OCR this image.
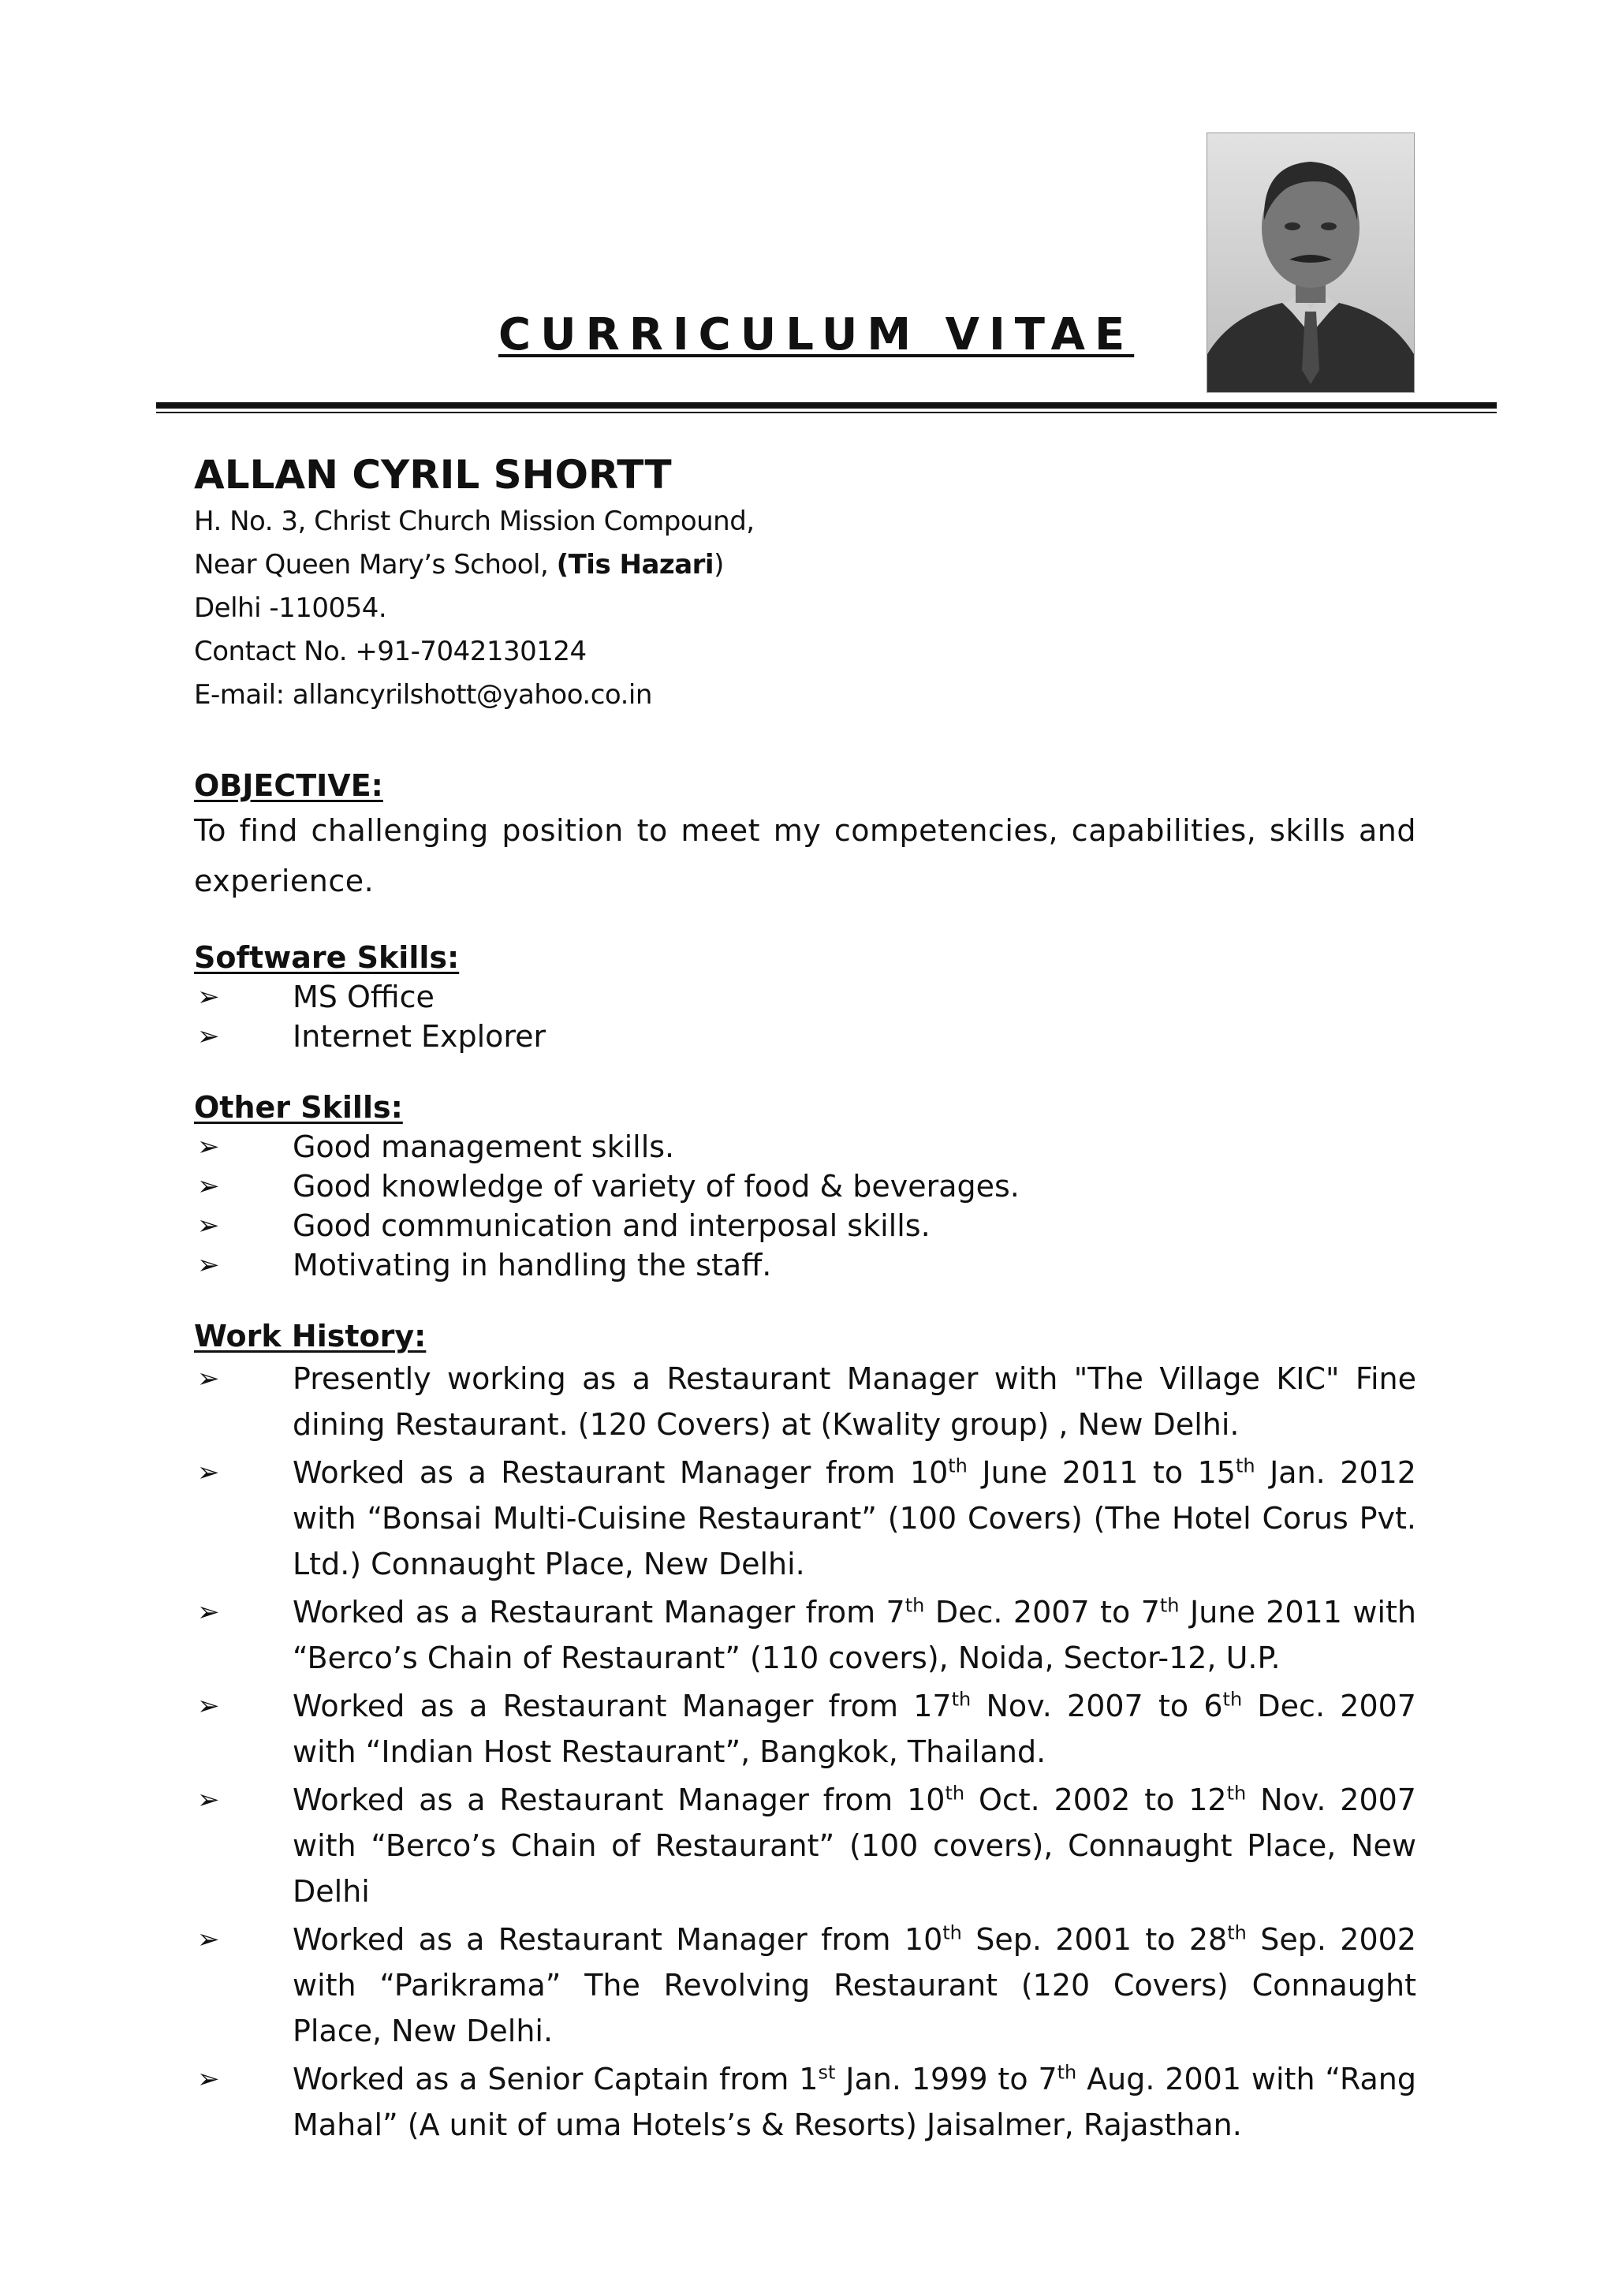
CURRICULUM VITAE

ALLAN CYRIL SHORTT

H. No. 3, Christ Church Mission Compound,

Near Queen Mary’s School, (Tis Hazari)

Delhi -110054.

Contact No. +91-7042130124

E-mail: allancyrilshott@yahoo.co.in

OBJECTIVE:

To find challenging position to meet my competencies, capabilities, skills and experience.

Software Skills:

➢ MS Office
➢ Internet Explorer

Other Skills:

➢ Good management skills.
➢ Good knowledge of variety of food & beverages.
➢ Good communication and interposal skills.
➢ Motivating in handling the staff.

Work History:

➢ Presently working as a Restaurant Manager with "The Village KIC" Fine dining Restaurant. (120 Covers) at (Kwality group) , New Delhi.
➢ Worked as a Restaurant Manager from 10th June 2011 to 15th Jan. 2012 with “Bonsai Multi-Cuisine Restaurant” (100 Covers) (The Hotel Corus Pvt. Ltd.) Connaught Place, New Delhi.
➢ Worked as a Restaurant Manager from 7th Dec. 2007 to 7th June 2011 with “Berco’s Chain of Restaurant” (110 covers), Noida, Sector-12, U.P.
➢ Worked as a Restaurant Manager from 17th Nov. 2007 to 6th Dec. 2007 with “Indian Host Restaurant”, Bangkok, Thailand.
➢ Worked as a Restaurant Manager from 10th Oct. 2002 to 12th Nov. 2007 with “Berco’s Chain of Restaurant” (100 covers), Connaught Place, New Delhi
➢ Worked as a Restaurant Manager from 10th Sep. 2001 to 28th Sep. 2002 with “Parikrama” The Revolving Restaurant (120 Covers) Connaught Place, New Delhi.
➢ Worked as a Senior Captain from 1st Jan. 1999 to 7th Aug. 2001 with “Rang Mahal” (A unit of uma Hotels’s & Resorts) Jaisalmer, Rajasthan.
